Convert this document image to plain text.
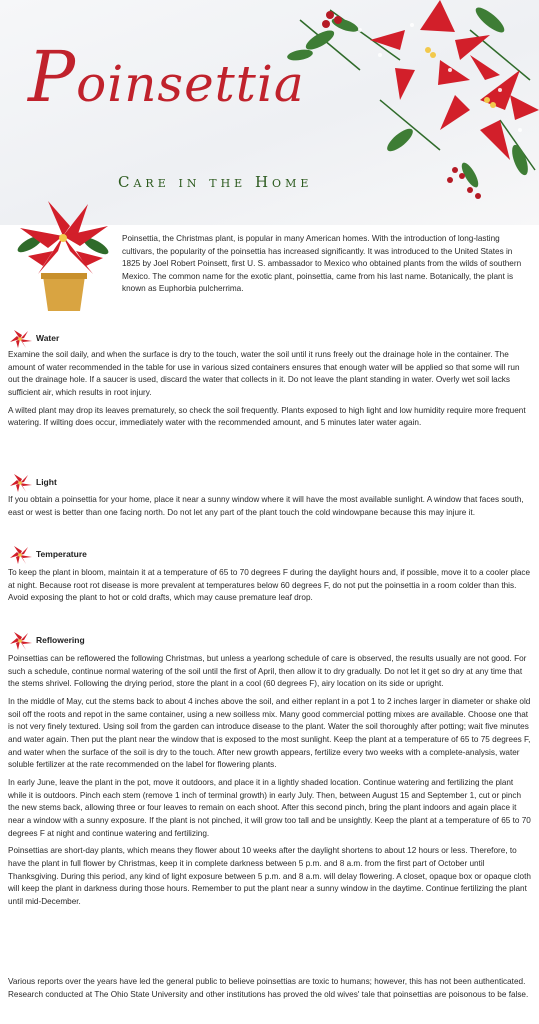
Poinsettia
Care in the Home
Poinsettia, the Christmas plant, is popular in many American homes. With the introduction of long-lasting cultivars, the popularity of the poinsettia has increased significantly. It was introduced to the United States in 1825 by Joel Robert Poinsett, first U. S. ambassador to Mexico who obtained plants from the wilds of southern Mexico. The common name for the exotic plant, poinsettia, came from his last name. Botanically, the plant is known as Euphorbia pulcherrima.
Water

Examine the soil daily, and when the surface is dry to the touch, water the soil until it runs freely out the drainage hole in the container. The amount of water recommended in the table for use in various sized containers ensures that enough water will be applied so that some will run out the drainage hole. If a saucer is used, discard the water that collects in it. Do not leave the plant standing in water. Overly wet soil lacks sufficient air, which results in root injury.

A wilted plant may drop its leaves prematurely, so check the soil frequently. Plants exposed to high light and low humidity require more frequent watering. If wilting does occur, immediately water with the recommended amount, and 5 minutes later water again.

Light

If you obtain a poinsettia for your home, place it near a sunny window where it will have the most available sunlight. A window that faces south, east or west is better than one facing north. Do not let any part of the plant touch the cold windowpane because this may injure it.

Temperature

To keep the plant in bloom, maintain it at a temperature of 65 to 70 degrees F during the daylight hours and, if possible, move it to a cooler place at night. Because root rot disease is more prevalent at temperatures below 60 degrees F, do not put the poinsettia in a room colder than this. Avoid exposing the plant to hot or cold drafts, which may cause premature leaf drop.

Reflowering

Poinsettias can be reflowered the following Christmas, but unless a yearlong schedule of care is observed, the results usually are not good. For such a schedule, continue normal watering of the soil until the first of April, then allow it to dry gradually. Do not let it get so dry at any time that the stems shrivel. Following the drying period, store the plant in a cool (60 degrees F), airy location on its side or upright.

In the middle of May, cut the stems back to about 4 inches above the soil, and either replant in a pot 1 to 2 inches larger in diameter or shake old soil off the roots and repot in the same container, using a new soilless mix. Many good commercial potting mixes are available. Choose one that is not very finely textured. Using soil from the garden can introduce disease to the plant. Water the soil thoroughly after potting; wait five minutes and water again. Then put the plant near the window that is exposed to the most sunlight. Keep the plant at a temperature of 65 to 75 degrees F, and water when the surface of the soil is dry to the touch. After new growth appears, fertilize every two weeks with a complete-analysis, water soluble fertilizer at the rate recommended on the label for flowering plants.

In early June, leave the plant in the pot, move it outdoors, and place it in a lightly shaded location. Continue watering and fertilizing the plant while it is outdoors. Pinch each stem (remove 1 inch of terminal growth) in early July. Then, between August 15 and September 1, cut or pinch the new stems back, allowing three or four leaves to remain on each shoot. After this second pinch, bring the plant indoors and again place it near a window with a sunny exposure. If the plant is not pinched, it will grow too tall and be unsightly. Keep the plant at a temperature of 65 to 70 degrees F at night and continue watering and fertilizing.

Poinsettias are short-day plants, which means they flower about 10 weeks after the daylight shortens to about 12 hours or less. Therefore, to have the plant in full flower by Christmas, keep it in complete darkness between 5 p.m. and 8 a.m. from the first part of October until Thanksgiving. During this period, any kind of light exposure between 5 p.m. and 8 a.m. will delay flowering. A closet, opaque box or opaque cloth will keep the plant in darkness during those hours. Remember to put the plant near a sunny window in the daytime. Continue fertilizing the plant until mid-December.

Various reports over the years have led the general public to believe poinsettias are toxic to humans; however, this has not been authenticated. Research conducted at The Ohio State University and other institutions has proved the old wives' tale that poinsettias are poisonous to be false.
